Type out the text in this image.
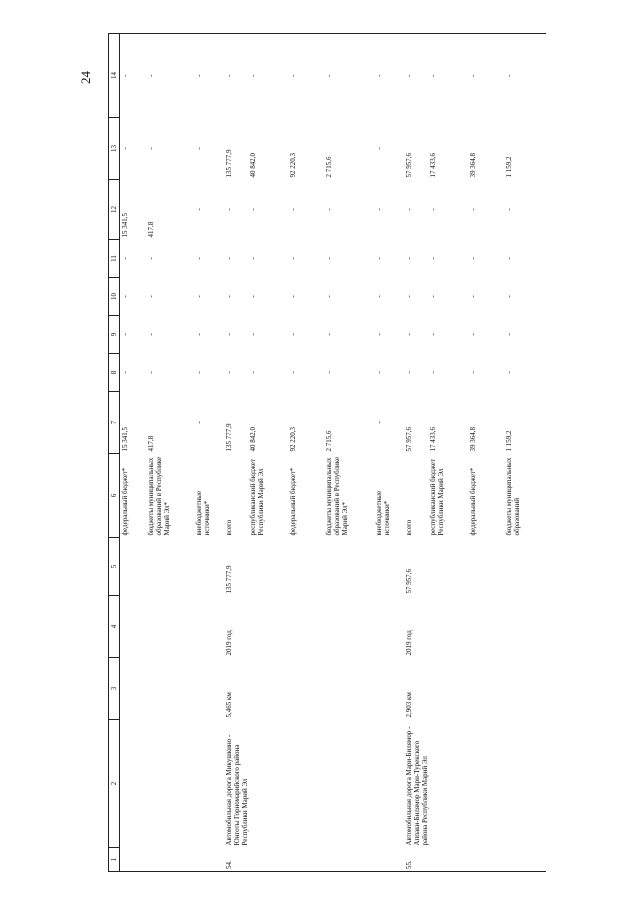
24
1	2	3	4	5	6	7	8	9	10	11	12	13	14
					федеральный бюджет*	15 341,5	-	-	-	-	15 341,5	-	-
					бюджеты муниципальных образований в Республике Марий Эл*	417,8	-	-	-	-	417,8	-	-
					внебюджетные источники*	-	-	-	-	-	-	-	-
54.	Автомобильная дорога Микушкино - Юнготы Горномарийского района Республики Марий Эл	5,465 км	2019 год	135 777,9	всего	135 777,9	-	-	-	-	-	135 777,9	-
					республиканский бюджет Республики Марий Эл	40 842,0	-	-	-	-	-	40 842,0	-
					федеральный бюджет*	92 220,3	-	-	-	-	-	92 220,3	-
					бюджеты муниципальных образований в Республике Марий Эл*	2 715,6	-	-	-	-	-	2 715,6	-
					внебюджетные источники*	-	-	-	-	-	-	-	-
55.	Автомобильная дорога Мари-Билямор - Аппаки-Билямор Мари-Турекского района Республики Марий Эл	2,903 км	2019 год	57 957,6	всего	57 957,6	-	-	-	-	-	57 957,6	-
					республиканский бюджет Республики Марий Эл	17 433,6	-	-	-	-	-	17 433,6	-
					федеральный бюджет*	39 364,8	-	-	-	-	-	39 364,8	-
					бюджеты муниципальных образований	1 159,2	-	-	-	-	-	1 159,2	-
